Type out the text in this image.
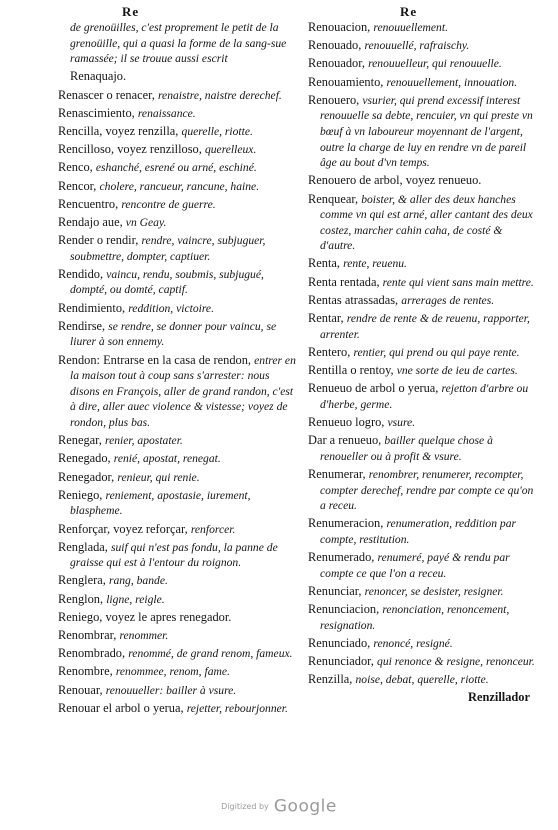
Re
de grenoüilles, c'est proprement le petit de la grenoüille, qui a quasi la forme de la sang-sue ramassée; il se trouue aussi escrit
Renaquajo.
Renascer o renacer, renaistre, naistre derechef.
Renascimiento, renaissance.
Rencilla, voyez renzilla, querelle, riotte.
Rencilloso, voyez renzilloso, querelleux.
Renco, eshanché, esrené ou arné, eschiné.
Rencor, cholere, rancueur, rancune, haine.
Rencuentro, rencontre de guerre.
Rendajo aue, vn Geay.
Render o rendir, rendre, vaincre, subjuguer, soubmettre, dompter, captiuer.
Rendido, vaincu, rendu, soubmis, subjugué, dompté, ou domté, captif.
Rendimiento, reddition, victoire.
Rendirse, se rendre, se donner pour vaincu, se liurer à son ennemy.
Rendon: Entrarse en la casa de rendon, entrer en la maison tout à coup sans s'arrester: nous disons en François, aller de grand randon, c'est à dire, aller auec violence & vistesse; voyez de rondon, plus bas.
Renegar, renier, apostater.
Renegado, renié, apostat, renegat.
Renegador, renieur, qui renie.
Reniego, reniement, apostasie, iurement, blaspheme.
Renforçar, voyez reforçar, renforcer.
Renglada, suif qui n'est pas fondu, la panne de graisse qui est à l'entour du roignon.
Renglera, rang, bande.
Renglon, ligne, reigle.
Reniego, voyez le apres renegador.
Renombrar, renommer.
Renombrado, renommé, de grand renom, fameux.
Renombre, renommee, renom, fame.
Renouar, renouueller: bailler à vsure.
Renouar el arbol o yerua, rejetter, rebourjonner.
Re
Renouacion, renouuellement.
Renouado, renouuellé, rafraischy.
Renouador, renouuelleur, qui renouuelle.
Renouamiento, renouuellement, innouation.
Renouero, vsurier, qui prend excessif interest renouuelle sa debte, rencuier, vn qui preste vn bœuf à vn laboureur moyennant de l'argent, outre la charge de luy en rendre vn de pareil âge au bout d'vn temps.
Renouero de arbol, voyez renueuo.
Renquear, boister, & aller des deux hanches comme vn qui est arné, aller cantant des deux costez, marcher cahin caha, de costé & d'autre.
Renta, rente, reuenu.
Renta rentada, rente qui vient sans main mettre.
Rentas atrassadas, arrerages de rentes.
Rentar, rendre de rente & de reuenu, rapporter, arrenter.
Rentero, rentier, qui prend ou qui paye rente.
Rentilla o rentoy, vne sorte de ieu de cartes.
Renueuo de arbol o yerua, rejetton d'arbre ou d'herbe, germe.
Renueuo logro, vsure.
Dar a renueuo, bailler quelque chose à renoueller ou à profit & vsure.
Renumerar, renombrer, renumerer, recompter, compter derechef, rendre par compte ce qu'on a receu.
Renumeracion, renumeration, reddition par compte, restitution.
Renumerado, renumeré, payé & rendu par compte ce que l'on a receu.
Renunciar, renoncer, se desister, resigner.
Renunciacion, renonciation, renoncement, resignation.
Renunciado, renoncé, resigné.
Renunciador, qui renonce & resigne, renonceur.
Renzilla, noise, debat, querelle, riotte.
Renzillador
Digitized by Google
